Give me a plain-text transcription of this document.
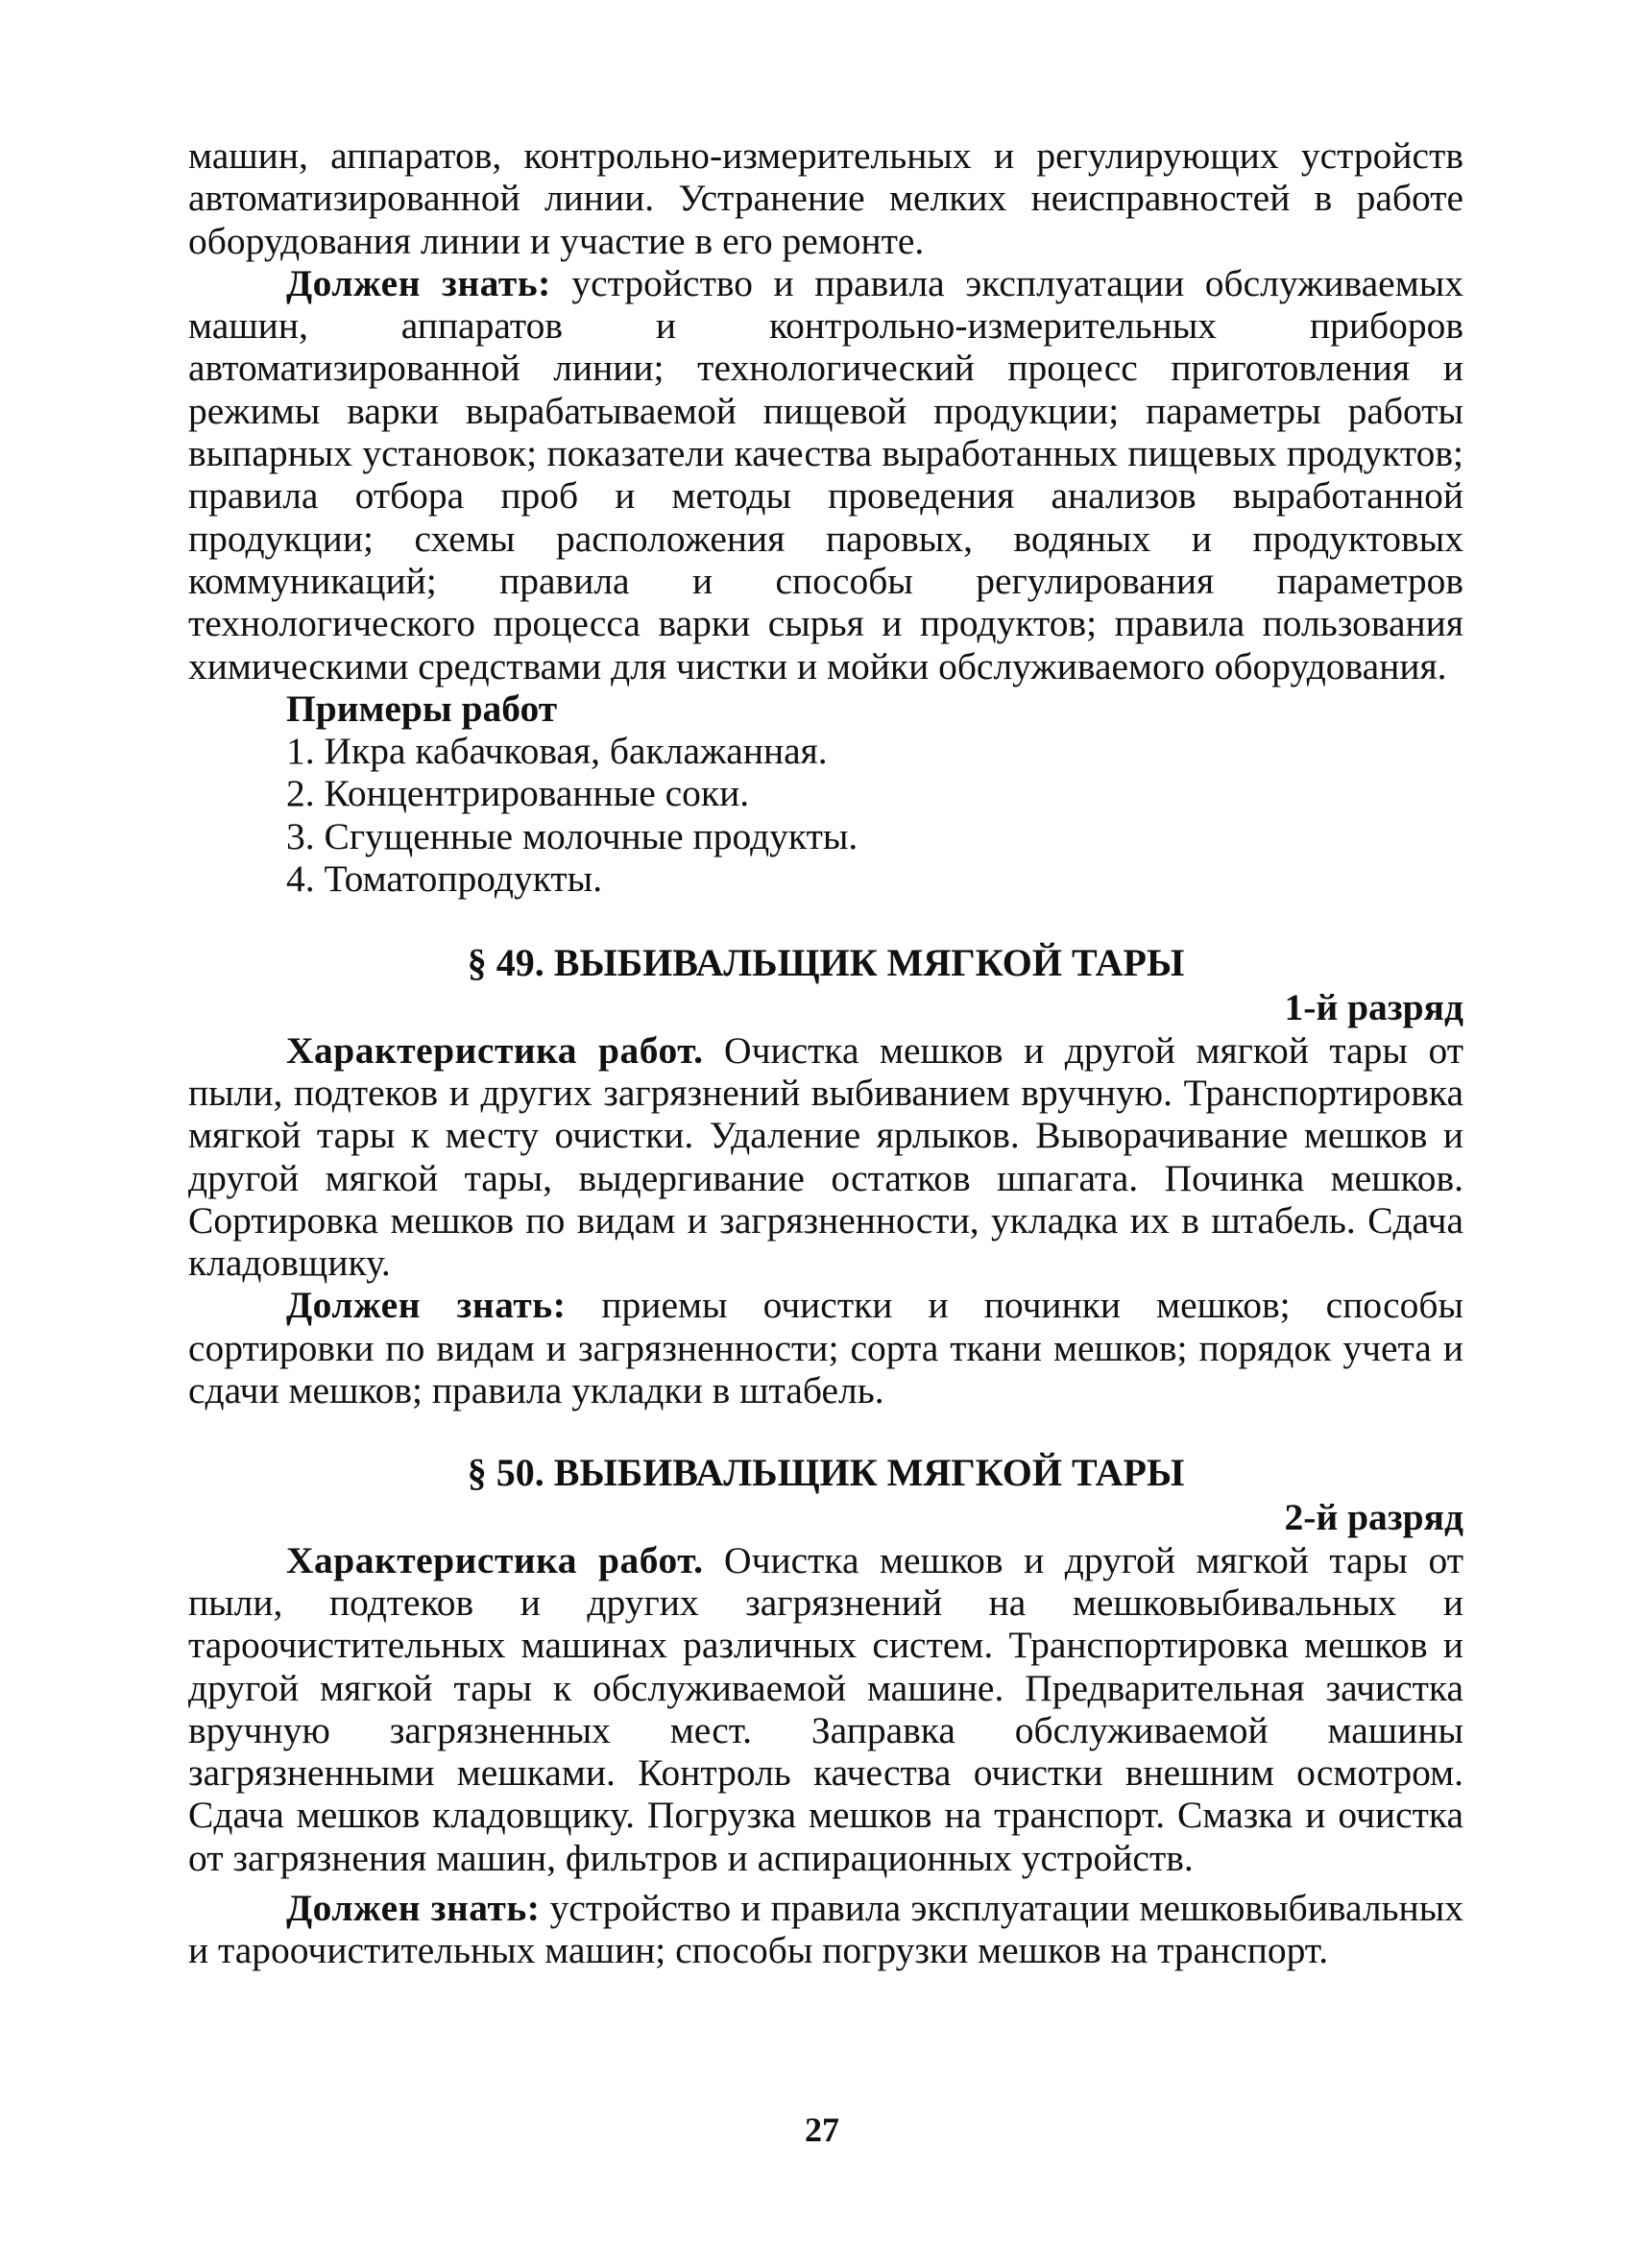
машин, аппаратов, контрольно-измерительных и регулирующих устройств автоматизированной линии. Устранение мелких неисправностей в работе оборудования линии и участие в его ремонте.

Должен знать: устройство и правила эксплуатации обслуживаемых машин, аппаратов и контрольно-измерительных приборов автоматизированной линии; технологический процесс приготовления и режимы варки вырабатываемой пищевой продукции; параметры работы выпарных установок; показатели качества выработанных пищевых продуктов; правила отбора проб и методы проведения анализов выработанной продукции; схемы расположения паровых, водяных и продуктовых коммуникаций; правила и способы регулирования параметров технологического процесса варки сырья и продуктов; правила пользования химическими средствами для чистки и мойки обслуживаемого оборудования.

Примеры работ

1. Икра кабачковая, баклажанная.
2. Концентрированные соки.
3. Сгущенные молочные продукты.
4. Томатопродукты.
§ 49. ВЫБИВАЛЬЩИК МЯГКОЙ ТАРЫ

1-й разряд

Характеристика работ. Очистка мешков и другой мягкой тары от пыли, подтеков и других загрязнений выбиванием вручную. Транспортировка мягкой тары к месту очистки. Удаление ярлыков. Выворачивание мешков и другой мягкой тары, выдергивание остатков шпагата. Починка мешков. Сортировка мешков по видам и загрязненности, укладка их в штабель. Сдача кладовщику.

Должен знать: приемы очистки и починки мешков; способы сортировки по видам и загрязненности; сорта ткани мешков; порядок учета и сдачи мешков; правила укладки в штабель.

§ 50. ВЫБИВАЛЬЩИК МЯГКОЙ ТАРЫ

2-й разряд

Характеристика работ. Очистка мешков и другой мягкой тары от пыли, подтеков и других загрязнений на мешковыбивальных и тароочистительных машинах различных систем. Транспортировка мешков и другой мягкой тары к обслуживаемой машине. Предварительная зачистка вручную загрязненных мест. Заправка обслуживаемой машины загрязненными мешками. Контроль качества очистки внешним осмотром. Сдача мешков кладовщику. Погрузка мешков на транспорт. Смазка и очистка от загрязнения машин, фильтров и аспирационных устройств.

Должен знать: устройство и правила эксплуатации мешковыбивальных и тароочистительных машин; способы погрузки мешков на транспорт.

27
